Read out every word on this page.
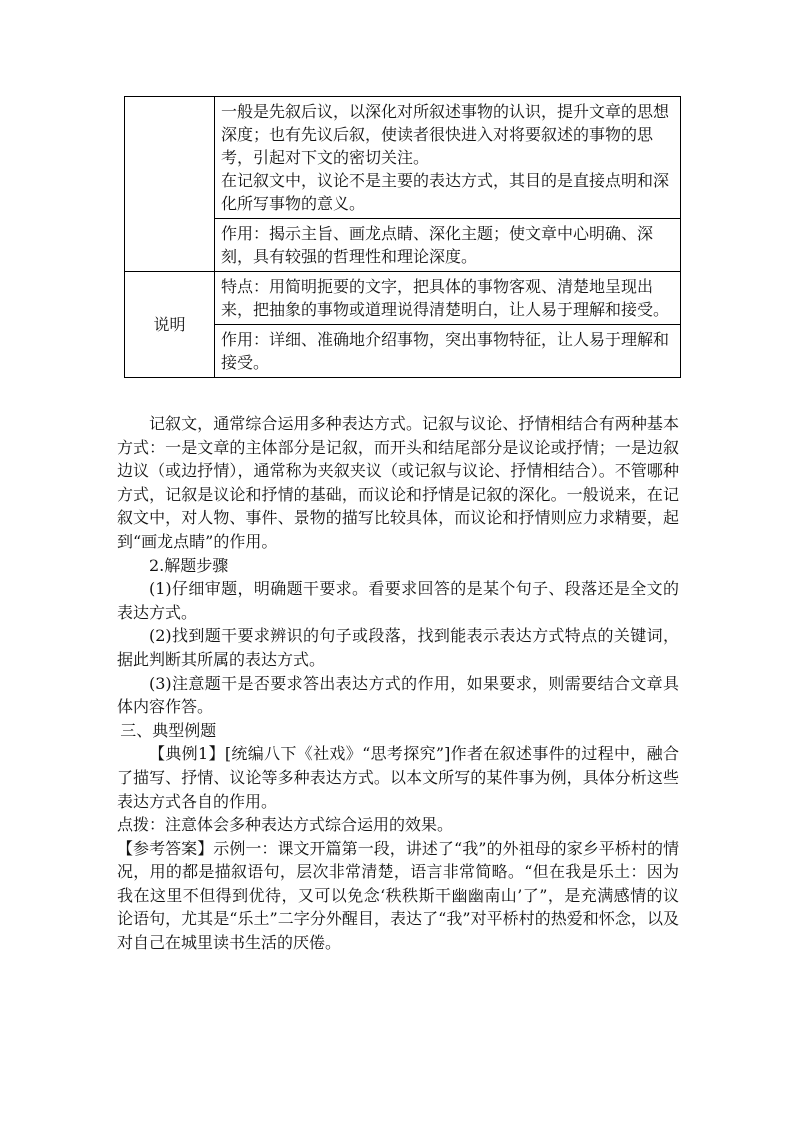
	一般是先叙后议，以深化对所叙述事物的认识，提升文章的思想深度；也有先议后叙，使读者很快进入对将要叙述的事物的思考，引起对下文的密切关注。

在记叙文中，议论不是主要的表达方式，其目的是直接点明和深化所写事物的意义。

	作用：揭示主旨、画龙点睛、深化主题；使文章中心明确、深刻，具有较强的哲理性和理论深度。
说明	特点：用简明扼要的文字，把具体的事物客观、清楚地呈现出来，把抽象的事物或道理说得清楚明白，让人易于理解和接受。
	作用：详细、准确地介绍事物，突出事物特征，让人易于理解和接受。

记叙文，通常综合运用多种表达方式。记叙与议论、抒情相结合有两种基本方式：一是文章的主体部分是记叙，而开头和结尾部分是议论或抒情；一是边叙边议（或边抒情），通常称为夹叙夹议（或记叙与议论、抒情相结合）。不管哪种方式，记叙是议论和抒情的基础，而议论和抒情是记叙的深化。一般说来，在记叙文中，对人物、事件、景物的描写比较具体，而议论和抒情则应力求精要，起到“画龙点睛”的作用。

2.解题步骤

(1)仔细审题，明确题干要求。看要求回答的是某个句子、段落还是全文的表达方式。

(2)找到题干要求辨识的句子或段落，找到能表示表达方式特点的关键词，据此判断其所属的表达方式。

(3)注意题干是否要求答出表达方式的作用，如果要求，则需要结合文章具体内容作答。

三、典型例题

【典例1】[统编八下《社戏》“思考探究”]作者在叙述事件的过程中，融合了描写、抒情、议论等多种表达方式。以本文所写的某件事为例，具体分析这些表达方式各自的作用。

点拨：注意体会多种表达方式综合运用的效果。

【参考答案】示例一：课文开篇第一段，讲述了“我”的外祖母的家乡平桥村的情况，用的都是描叙语句，层次非常清楚，语言非常简略。“但在我是乐土：因为我在这里不但得到优待，又可以免念‘秩秩斯干幽幽南山’了”，是充满感情的议论语句，尤其是“乐土”二字分外醒目，表达了“我”对平桥村的热爱和怀念，以及对自己在城里读书生活的厌倦。
